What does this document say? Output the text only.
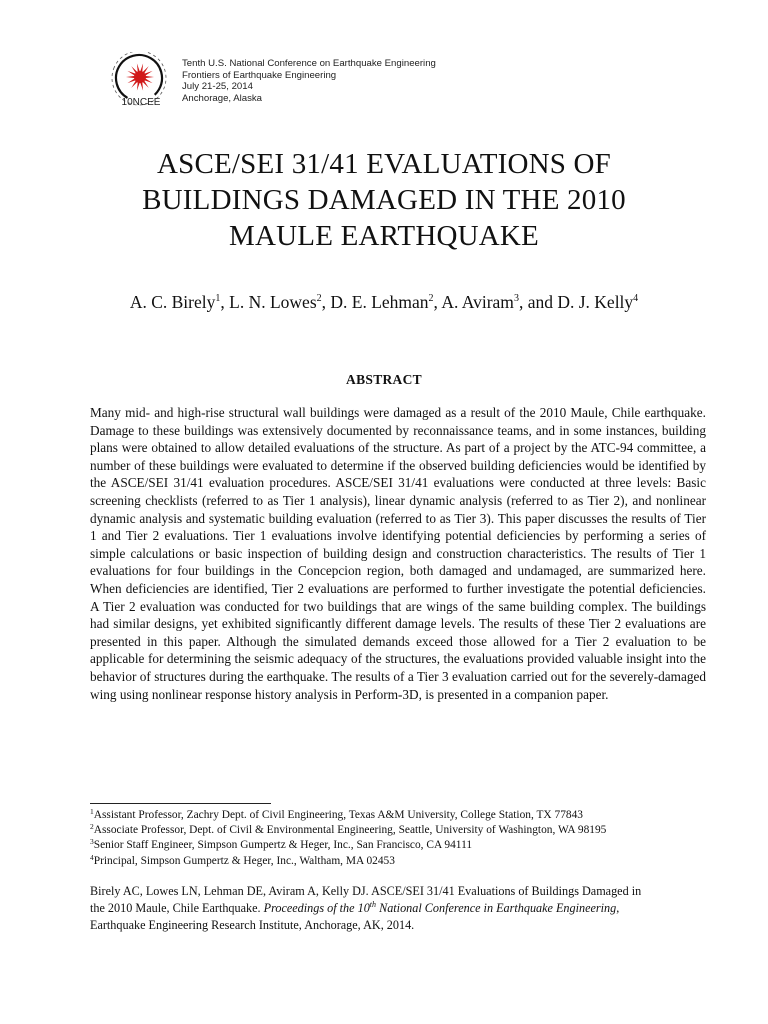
10NCEE
Tenth U.S. National Conference on Earthquake Engineering
Frontiers of Earthquake Engineering
July 21-25, 2014
Anchorage, Alaska
ASCE/SEI 31/41 EVALUATIONS OF
BUILDINGS DAMAGED IN THE 2010
MAULE EARTHQUAKE
A. C. Birely$^1$, L. N. Lowes$^2$, D. E. Lehman$^2$, A. Aviram$^3$, and D. J. Kelly$^4$
ABSTRACT
Many mid- and high-rise structural wall buildings were damaged as a result of the 2010 Maule, Chile earthquake. Damage to these buildings was extensively documented by reconnaissance teams, and in some instances, building plans were obtained to allow detailed evaluations of the structure. As part of a project by the ATC-94 committee, a number of these buildings were evaluated to determine if the observed building deficiencies would be identified by the ASCE/SEI 31/41 evaluation procedures. ASCE/SEI 31/41 evaluations were conducted at three levels: Basic screening checklists (referred to as Tier 1 analysis), linear dynamic analysis (referred to as Tier 2), and nonlinear dynamic analysis and systematic building evaluation (referred to as Tier 3). This paper discusses the results of Tier 1 and Tier 2 evaluations. Tier 1 evaluations involve identifying potential deficiencies by performing a series of simple calculations or basic inspection of building design and construction characteristics. The results of Tier 1 evaluations for four buildings in the Concepcion region, both damaged and undamaged, are summarized here. When deficiencies are identified, Tier 2 evaluations are performed to further investigate the potential deficiencies. A Tier 2 evaluation was conducted for two buildings that are wings of the same building complex. The buildings had similar designs, yet exhibited significantly different damage levels. The results of these Tier 2 evaluations are presented in this paper. Although the simulated demands exceed those allowed for a Tier 2 evaluation to be applicable for determining the seismic adequacy of the structures, the evaluations provided valuable insight into the behavior of structures during the earthquake. The results of a Tier 3 evaluation carried out for the severely-damaged wing using nonlinear response history analysis in Perform-3D, is presented in a companion paper.
$^1$Assistant Professor, Zachry Dept. of Civil Engineering, Texas A&M University, College Station, TX 77843
$^2$Associate Professor, Dept. of Civil & Environmental Engineering, Seattle, University of Washington, WA 98195
$^3$Senior Staff Engineer, Simpson Gumpertz & Heger, Inc., San Francisco, CA 94111
$^4$Principal, Simpson Gumpertz & Heger, Inc., Waltham, MA 02453
Birely AC, Lowes LN, Lehman DE, Aviram A, Kelly DJ. ASCE/SEI 31/41 Evaluations of Buildings Damaged in
the 2010 Maule, Chile Earthquake. Proceedings of the 10th National Conference in Earthquake Engineering,
Earthquake Engineering Research Institute, Anchorage, AK, 2014.
